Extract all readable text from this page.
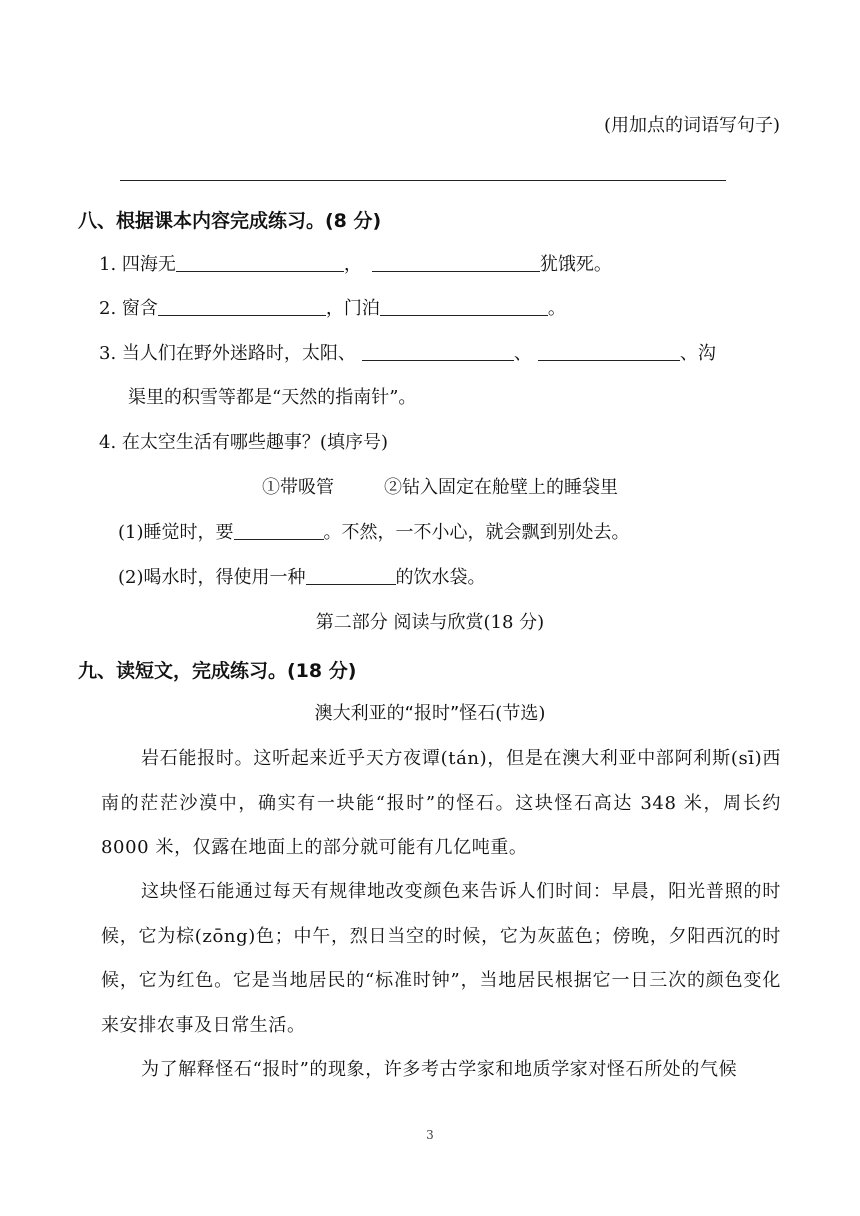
(用加点的词语写句子)
八、根据课本内容完成练习。(8 分)
1. 四海无	，	犹饿死。
2. 窗含	，门泊	。
3. 当人们在野外迷路时，太阳、	、	、沟
渠里的积雪等都是“天然的指南针”。
4. 在太空生活有哪些趣事？(填序号)
①带吸管	②钻入固定在舱壁上的睡袋里
(1)睡觉时，要	。不然，一不小心，就会飘到别处去。
(2)喝水时，得使用一种	的饮水袋。
第二部分 阅读与欣赏(18 分)
九、读短文，完成练习。(18 分)
澳大利亚的“报时”怪石(节选)
岩石能报时。这听起来近乎天方夜谭(tán)，但是在澳大利亚中部阿利斯(sī)西南的茫茫沙漠中，确实有一块能“报时”的怪石。这块怪石高达 348 米，周长约 8000 米，仅露在地面上的部分就可能有几亿吨重。
这块怪石能通过每天有规律地改变颜色来告诉人们时间：早晨，阳光普照的时候，它为棕(zōng)色；中午，烈日当空的时候，它为灰蓝色；傍晚，夕阳西沉的时候，它为红色。它是当地居民的“标准时钟”，当地居民根据它一日三次的颜色变化来安排农事及日常生活。
为了解释怪石“报时”的现象，许多考古学家和地质学家对怪石所处的气候
3
